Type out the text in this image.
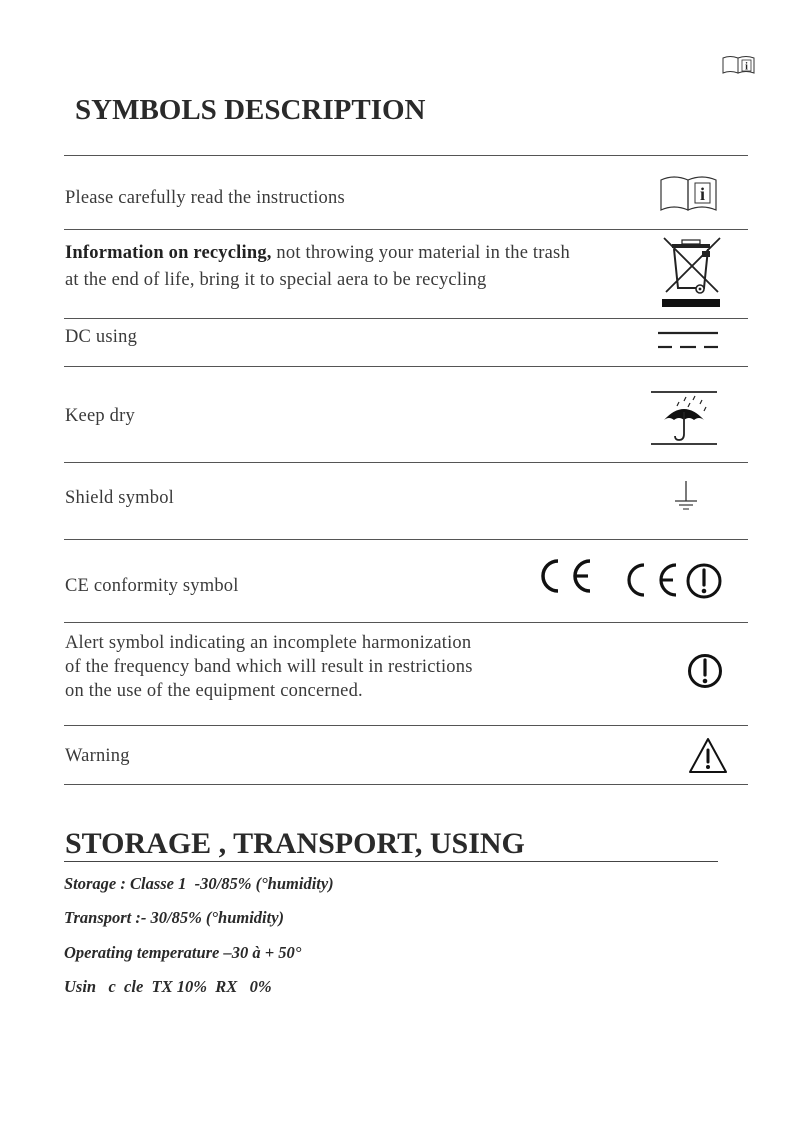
i
SYMBOLS DESCRIPTION
Please carefully read the instructions	i
Information on recycling, not throwing your material in the trash
at the end of life, bring it to special aera to be recycling
DC using
Keep dry
Shield symbol
CE conformity symbol
Alert symbol indicating an incomplete harmonization
of the frequency band which will result in restrictions
on the use of the equipment concerned.
Warning
STORAGE , TRANSPORT, USING
Storage : Classe 1  -30/85% (°humidity)
Transport :- 30/85% (°humidity)
Operating temperature –30 à + 50°
Usin   c  cle  TX 10%  RX   0%
